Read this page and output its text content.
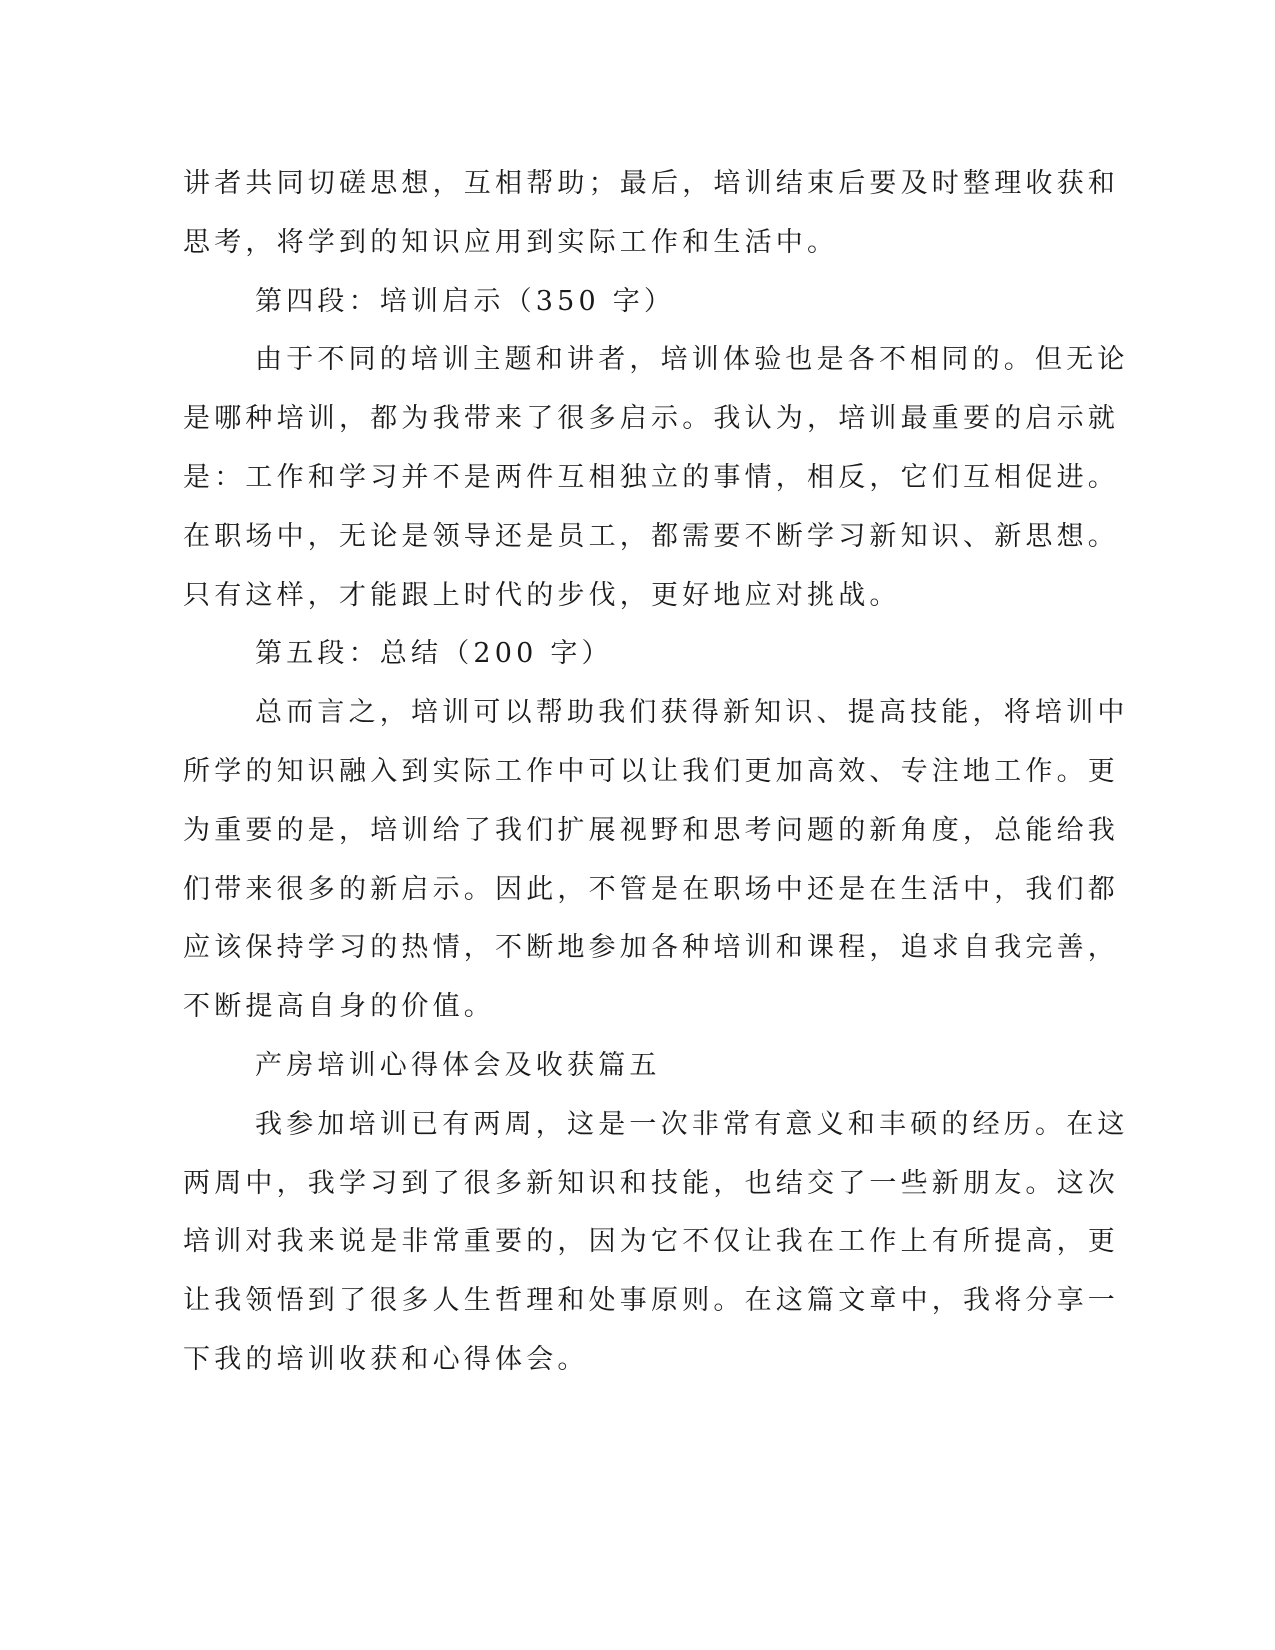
讲者共同切磋思想，互相帮助；最后，培训结束后要及时整理收获和
思考，将学到的知识应用到实际工作和生活中。
第四段：培训启示（350 字）
由于不同的培训主题和讲者，培训体验也是各不相同的。但无论
是哪种培训，都为我带来了很多启示。我认为，培训最重要的启示就
是：工作和学习并不是两件互相独立的事情，相反，它们互相促进。
在职场中，无论是领导还是员工，都需要不断学习新知识、新思想。
只有这样，才能跟上时代的步伐，更好地应对挑战。
第五段：总结（200 字）
总而言之，培训可以帮助我们获得新知识、提高技能，将培训中
所学的知识融入到实际工作中可以让我们更加高效、专注地工作。更
为重要的是，培训给了我们扩展视野和思考问题的新角度，总能给我
们带来很多的新启示。因此，不管是在职场中还是在生活中，我们都
应该保持学习的热情，不断地参加各种培训和课程，追求自我完善，
不断提高自身的价值。
产房培训心得体会及收获篇五
我参加培训已有两周，这是一次非常有意义和丰硕的经历。在这
两周中，我学习到了很多新知识和技能，也结交了一些新朋友。这次
培训对我来说是非常重要的，因为它不仅让我在工作上有所提高，更
让我领悟到了很多人生哲理和处事原则。在这篇文章中，我将分享一
下我的培训收获和心得体会。
